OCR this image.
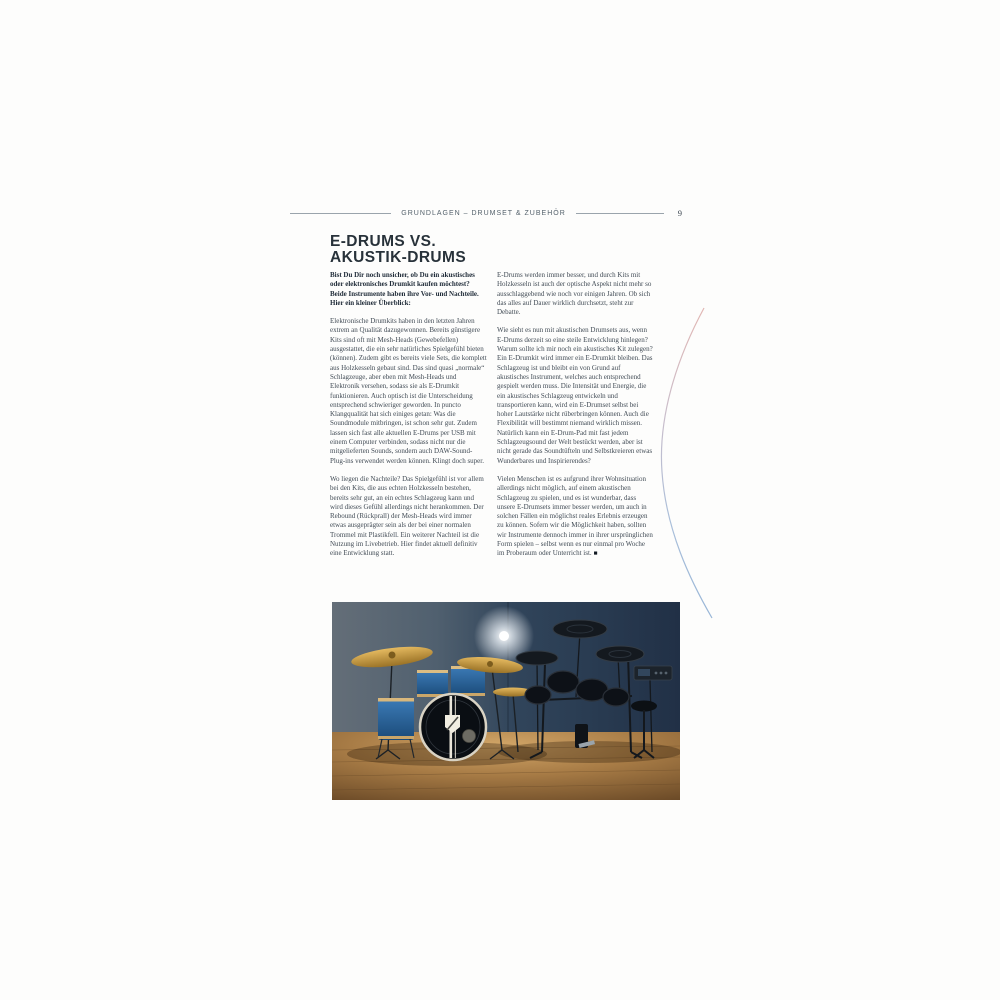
GRUNDLAGEN – DRUMSET & ZUBEHÖR	9
E-DRUMS VS. AKUSTIK-DRUMS

Bist Du Dir noch unsicher, ob Du ein akustisches oder elektronisches Drumkit kaufen möchtest? Beide Instrumente haben ihre Vor- und Nachteile. Hier ein kleiner Überblick:

Elektronische Drumkits haben in den letzten Jahren extrem an Qualität dazugewonnen. Bereits günstigere Kits sind oft mit Mesh-Heads (Gewebefellen) ausgestattet, die ein sehr natürliches Spielgefühl bieten (können). Zudem gibt es bereits viele Sets, die komplett aus Holzkesseln gebaut sind. Das sind quasi „normale“ Schlagzeuge, aber eben mit Mesh-Heads und Elektronik versehen, sodass sie als E-Drumkit funktionieren. Auch optisch ist die Unterscheidung entsprechend schwieriger geworden. In puncto Klangqualität hat sich einiges getan: Was die Soundmodule mitbringen, ist schon sehr gut. Zudem lassen sich fast alle aktuellen E-Drums per USB mit einem Computer verbinden, sodass nicht nur die mitgelieferten Sounds, sondern auch DAW-Sound-Plug-ins verwendet werden können. Klingt doch super.

Wo liegen die Nachteile? Das Spielgefühl ist vor allem bei den Kits, die aus echten Holzkesseln bestehen, bereits sehr gut, an ein echtes Schlagzeug kann und wird dieses Gefühl allerdings nicht herankommen. Der Rebound (Rückprall) der Mesh-Heads wird immer etwas ausgeprägter sein als der bei einer normalen Trommel mit Plastikfell. Ein weiterer Nachteil ist die Nutzung im Livebetrieb. Hier findet aktuell definitiv eine Entwicklung statt.

E-Drums werden immer besser, und durch Kits mit Holzkesseln ist auch der optische Aspekt nicht mehr so ausschlaggebend wie noch vor einigen Jahren. Ob sich das alles auf Dauer wirklich durchsetzt, steht zur Debatte.

Wie sieht es nun mit akustischen Drumsets aus, wenn E-Drums derzeit so eine steile Entwicklung hinlegen? Warum sollte ich mir noch ein akustisches Kit zulegen? Ein E-Drumkit wird immer ein E-Drumkit bleiben. Das Schlagzeug ist und bleibt ein von Grund auf akustisches Instrument, welches auch entsprechend gespielt werden muss. Die Intensität und Energie, die ein akustisches Schlagzeug entwickeln und transportieren kann, wird ein E-Drumset selbst bei hoher Lautstärke nicht rüberbringen können. Auch die Flexibilität will bestimmt niemand wirklich missen. Natürlich kann ein E-Drum-Pad mit fast jedem Schlagzeugsound der Welt bestückt werden, aber ist nicht gerade das Soundtüfteln und Selbstkreieren etwas Wunderbares und Inspirierendes?

Vielen Menschen ist es aufgrund ihrer Wohnsituation allerdings nicht möglich, auf einem akustischen Schlagzeug zu spielen, und es ist wunderbar, dass unsere E-Drumsets immer besser werden, um auch in solchen Fällen ein möglichst reales Erlebnis erzeugen zu können. Sofern wir die Möglichkeit haben, sollten wir Instrumente dennoch immer in ihrer ursprünglichen Form spielen – selbst wenn es nur einmal pro Woche im Proberaum oder Unterricht ist. ■
